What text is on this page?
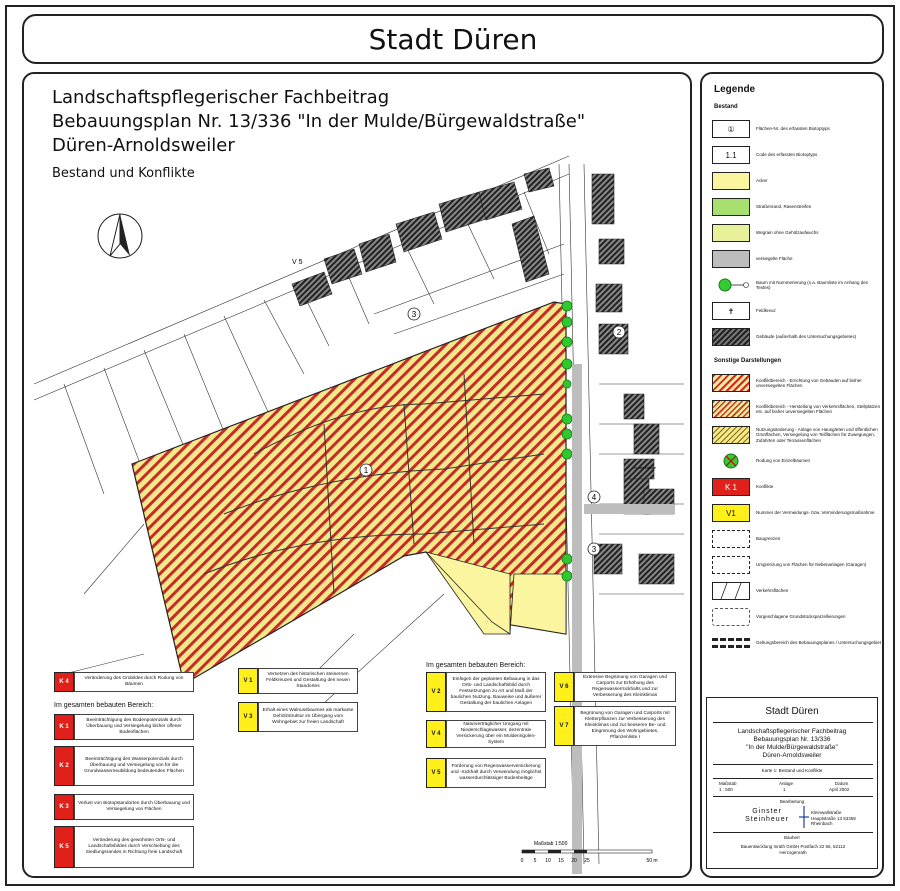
Stadt Düren
Landschaftspflegerischer Fachbeitrag
Bebauungsplan Nr. 13/336 "In der Mulde/Bürgewaldstraße"
Düren-Arnoldsweiler
Bestand und Konflikte
1
3
2
3
4
V 5
In der Mulde
Maßstab 1:500
0 5 10 15 20 25	50 m
K 4
Veränderung des Grobildes durch Rodung von Bäumen
Im gesamten bebauten Bereich:
K 1
Beeinträchtigung des Bodenpotenzials durch Überbauung und Versiegelung bisher offener Bodenflächen
K 2
Beeinträchtigung des Wasserpotenzials durch Überbauung und Versiegelung von für die Grundwasserneubildung bedeutenden Flächen
K 3
Verlust von Biotopstandorten durch Überbauung und Versiegelung von Flächen
K 5
Veränderung des gewohnten Orts- und Landschaftsbildes durch Verschiebung des Siedlungsrandes in Richtung freie Landschaft
V 1
Versetzen des historischen steinernen Feldkreuzes und Gestaltung des neuen Standortes
V 3
Erhalt eines Walnussbaumes als markante Gehölzstruktur im Übergang vom Wohngebiet zur freien Landschaft
Im gesamten bebauten Bereich:
V 2
Einfügen der geplanten Bebauung in das Orts- und Landschaftsbild durch Festsetzungen zu Art und Maß der baulichen Nutzung, Bauweise und äußerer Gestaltung der baulichen Anlagen
V 4
Naturverträglicher Umgang mit Niederschlagswasser, dezentrale Versickerung über ein Muldenrigolen-System
V 5
Förderung von Regenwasserversickerung und -rückhalt durch Verwendung möglichst wasserdurchlässiger Bodenbeläge
V 6
Extensive Begrünung von Garagen und Carports zur Erhöhung des Regenwasserrückhalts und zur Verbesserung des Kleinklimas
V 7
Begrünung von Garagen und Carports mit Kletterpflanzen zur Verbesserung des Kleinklimas und zur besseren Be- und Eingrünung des Wohngebietes, Pflanzenliste I
Legende
Bestand
①	Flächen-Nr. des erfassten Biotoptyps
1.1	Code des erfassten Biotoptyps
Acker
Straßenrand, Rasenstreifen
Wegrain ohne Gehölzaufwuchs
versiegelte Fläche
Baum mit Nummerierung (s.a. Baumliste im Anhang des Textes)
✝	Feldkreuz
Gebäude (außerhalb des Untersuchungsgebietes)
Sonstige Darstellungen
Konfliktbereich - Errichtung von Gebäuden auf bisher unversiegelten Flächen
Konfliktbereich - Herstellung von Verkehrsflächen, Stellplätzen etc. auf bisher unversiegelten Flächen
Nutzungsänderung - Anlage von Hausgärten und öffentlichen Grünflächen, Versiegelung von Teilflächen für Zuwegungen, Zufahrten oder Terrassenflächen
Rodung von Einzelbäumen
K 1	Konflikte
V1	Nummer der Vermeidungs- bzw. Verminderungsmaßnahme
Baugrenzen
Umgrenzung von Flächen für Nebenanlagen (Garagen)
Verkehrsflächen
Vorgeschlagene Grundstücksparzellierungen
Geltungsbereich des Bebauungsplanes / Untersuchungsgebiet
Stadt Düren
Landschaftspflegerischer Fachbeitrag
Bebauungsplan Nr. 13/336
"In der Mulde/Bürgewaldstraße"
Düren-Arnoldsweiler
Karte 1: Bestand und Konflikte
Maßstab
1 : 500
Anlage
1
Datum
April 2002
Bearbeitung
Ginster Steinheuer
Kleinwallstraße Hauptstraße 13 53359 Rheinbach
Bauherr
Bauentwicklung Inrath GmbH Postfach 22 56, 52112 Herzogenrath
